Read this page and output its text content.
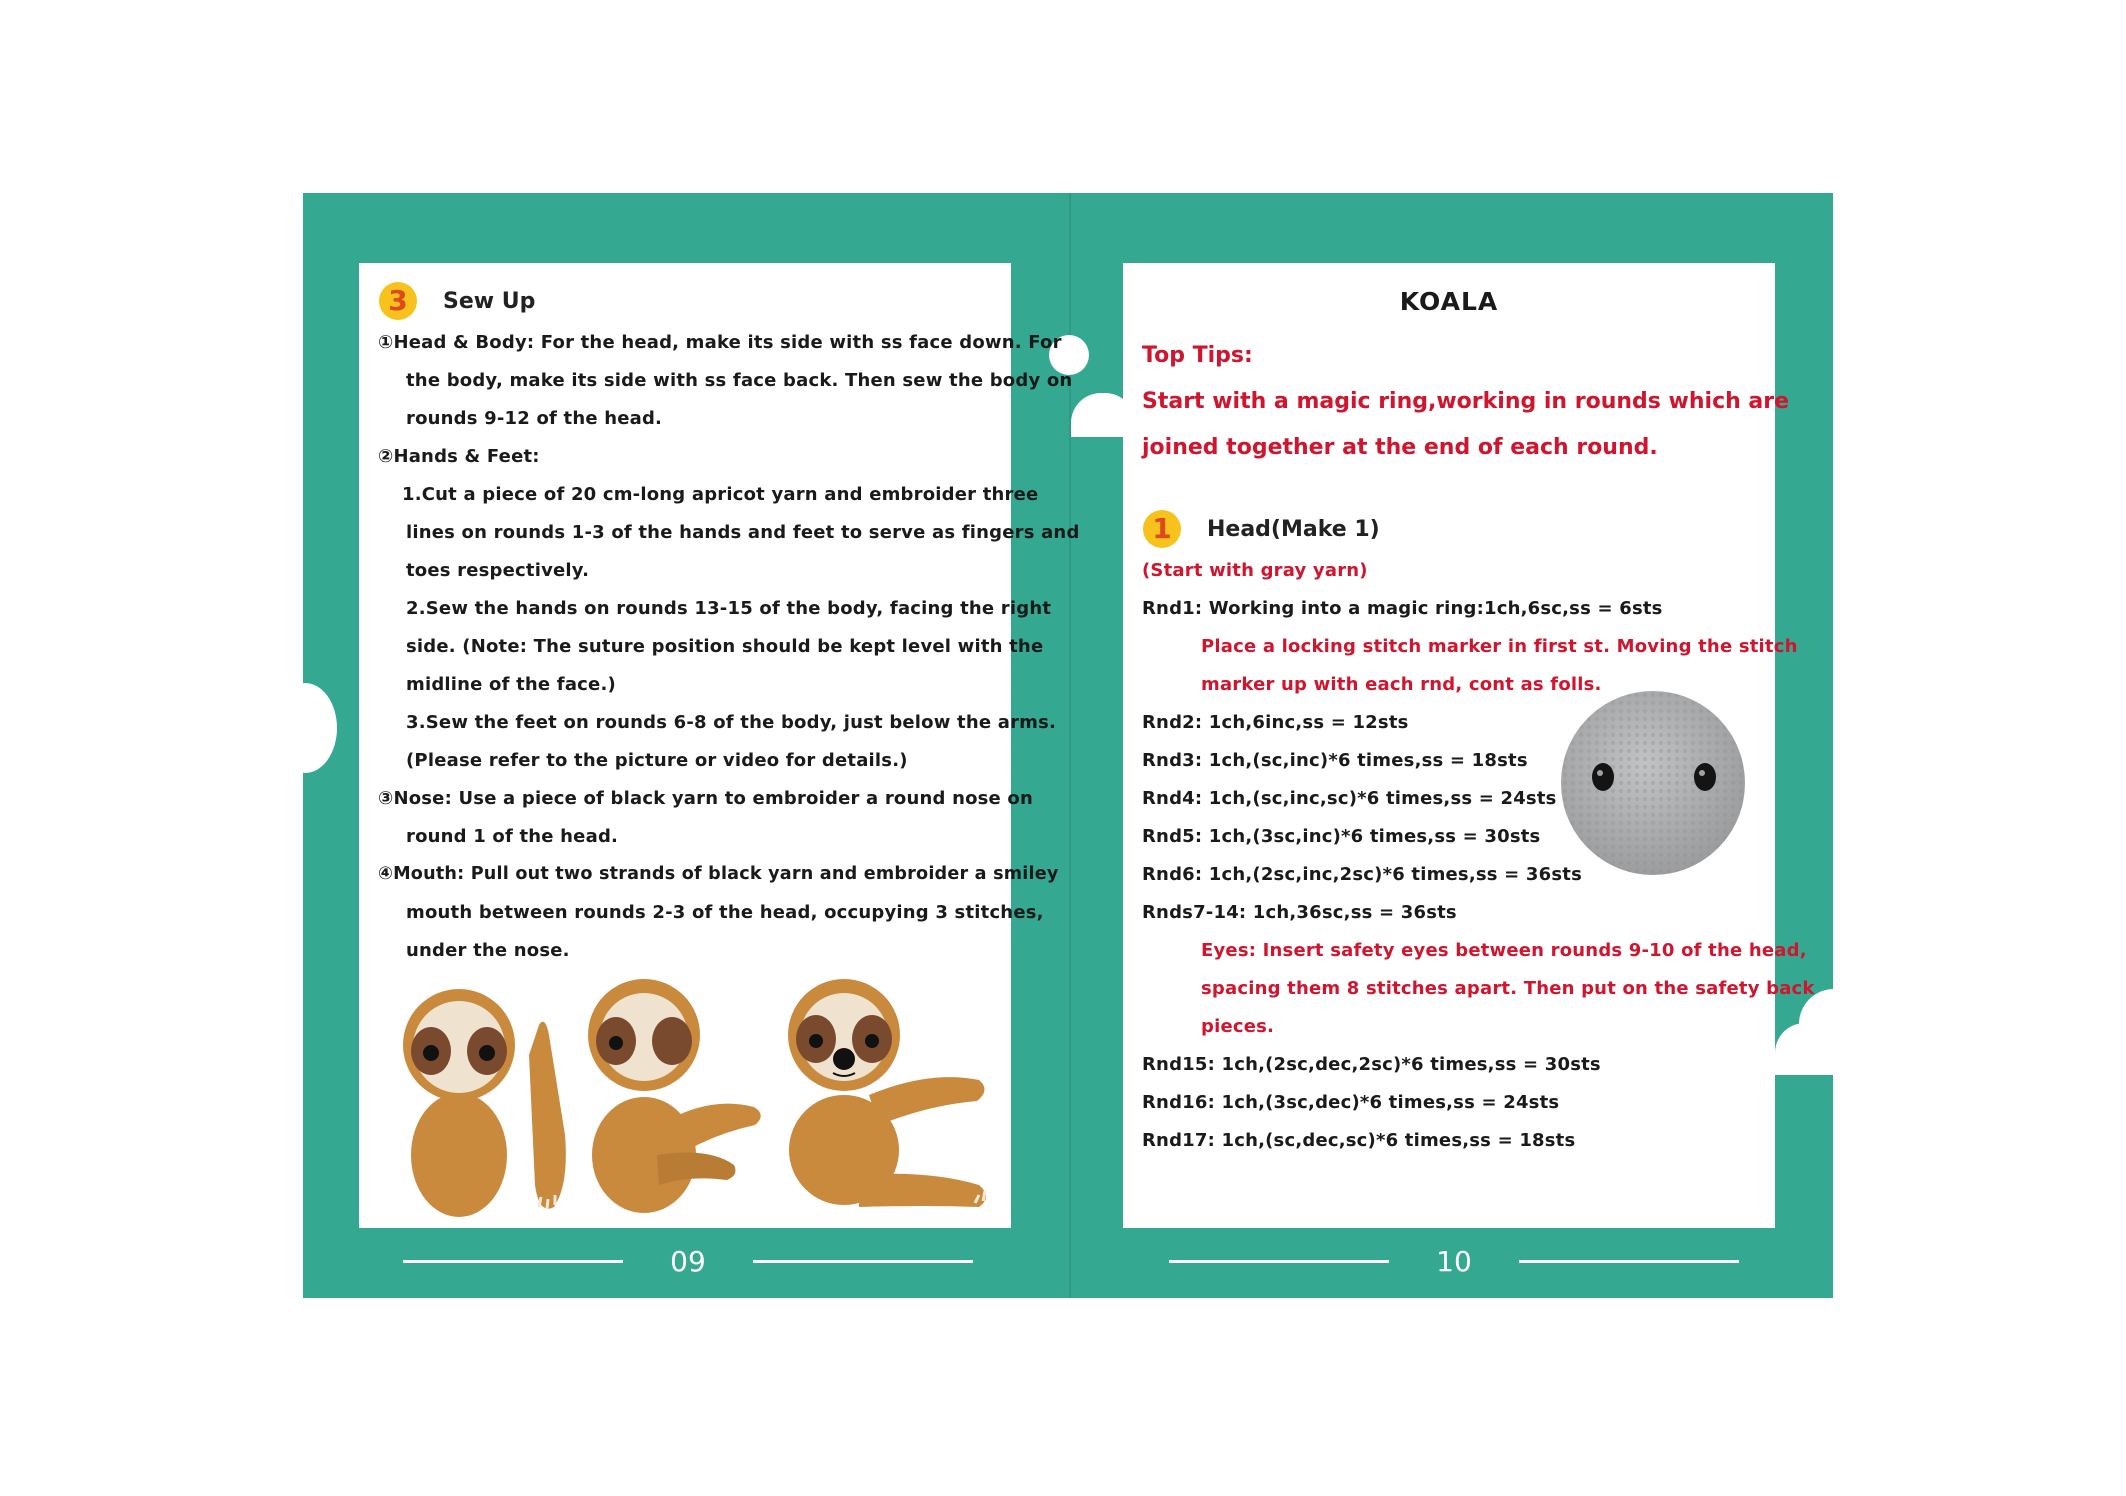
3	Sew Up
①Head & Body: For the head, make its side with ss face down. For
the body, make its side with ss face back. Then sew the body on
rounds 9-12 of the head.
②Hands & Feet:
1.Cut a piece of 20 cm-long apricot yarn and embroider three
lines on rounds 1-3 of the hands and feet to serve as fingers and
toes respectively.
2.Sew the hands on rounds 13-15 of the body, facing the right
side. (Note: The suture position should be kept level with the
midline of the face.)
3.Sew the feet on rounds 6-8 of the body, just below the arms.
(Please refer to the picture or video for details.)
③Nose: Use a piece of black yarn to embroider a round nose on
round 1 of the head.
④Mouth: Pull out two strands of black yarn and embroider a smiley
mouth between rounds 2-3 of the head, occupying 3 stitches,
under the nose.
KOALA
Top Tips:
Start with a magic ring,working in rounds which are
joined together at the end of each round.
1	Head(Make 1)
(Start with gray yarn)
Rnd1: Working into a magic ring:1ch,6sc,ss = 6sts
Place a locking stitch marker in first st. Moving the stitch
marker up with each rnd, cont as folls.
Rnd2: 1ch,6inc,ss = 12sts
Rnd3: 1ch,(sc,inc)*6 times,ss = 18sts
Rnd4: 1ch,(sc,inc,sc)*6 times,ss = 24sts
Rnd5: 1ch,(3sc,inc)*6 times,ss = 30sts
Rnd6: 1ch,(2sc,inc,2sc)*6 times,ss = 36sts
Rnds7-14: 1ch,36sc,ss = 36sts
Eyes: Insert safety eyes between rounds 9-10 of the head,
spacing them 8 stitches apart. Then put on the safety back
pieces.
Rnd15: 1ch,(2sc,dec,2sc)*6 times,ss = 30sts
Rnd16: 1ch,(3sc,dec)*6 times,ss = 24sts
Rnd17: 1ch,(sc,dec,sc)*6 times,ss = 18sts
09	10
